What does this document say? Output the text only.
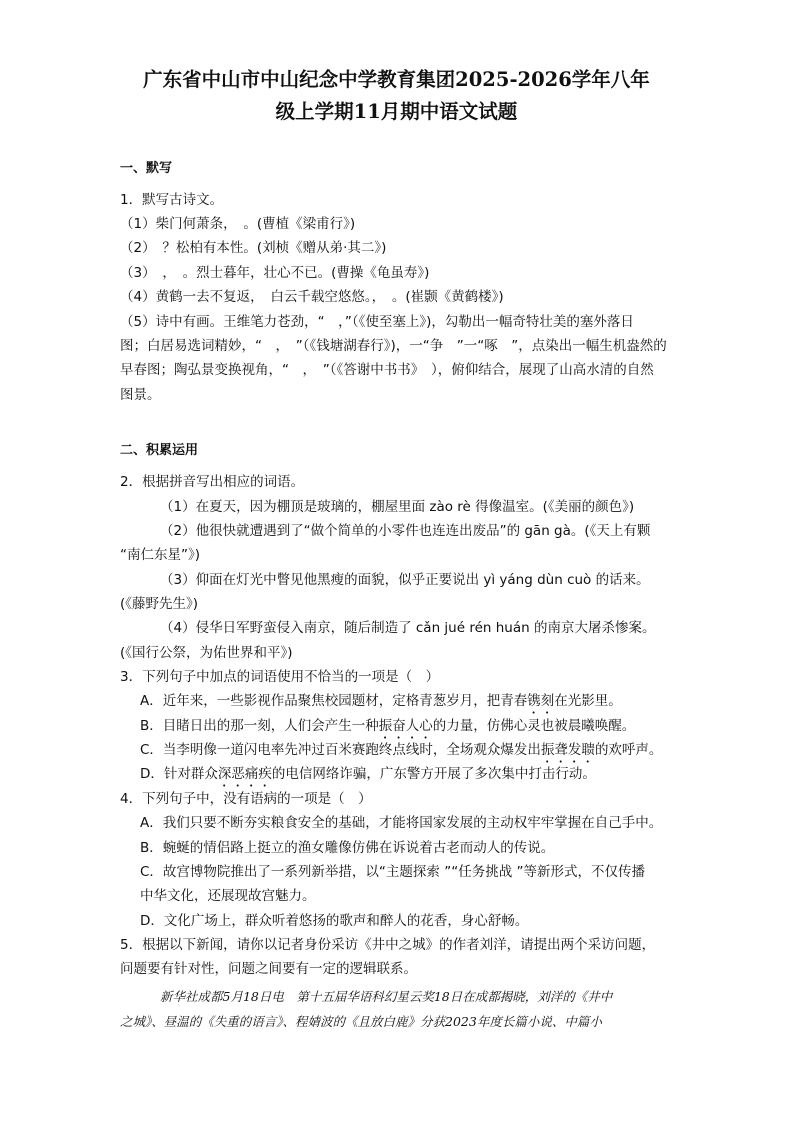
广东省中山市中山纪念中学教育集团2025-2026学年八年
级上学期11月期中语文试题
一、默写
1．默写古诗文。
（1）柴门何萧条，　。(曹植《梁甫行》)
（2）　？松柏有本性。(刘桢《赠从弟·其二》)
（3）　，　。烈士暮年，壮心不已。(曹操《龟虽寿》)
（4）黄鹤一去不复返，　白云千载空悠悠。，　。(崔颢《黄鹤楼》)
（5）诗中有画。王维笔力苍劲，“　，”（《使至塞上》)，勾勒出一幅奇特壮美的塞外落日
图；白居易选词精妙，“　，　”（《钱塘湖春行》)，一“争　”一“啄　”，点染出一幅生机盎然的
早春图；陶弘景变换视角，“　，　”（《答谢中书书》　），俯仰结合，展现了山高水清的自然
图景。
二、积累运用
2．根据拼音写出相应的词语。
（1）在夏天，因为棚顶是玻璃的，棚屋里面 zào rè 得像温室。(《美丽的颜色》)
（2）他很快就遭遇到了“做个简单的小零件也连连出废品”的 gān gà。(《天上有颗
“南仁东星”》)
（3）仰面在灯光中瞥见他黑瘦的面貌，似乎正要说出 yì yáng dùn cuò 的话来。
(《藤野先生》)
（4）侵华日军野蛮侵入南京，随后制造了 cǎn jué rén huán 的南京大屠杀惨案。
(《国行公祭，为佑世界和平》)
3．下列句子中加点的词语使用不恰当的一项是（　）
A．近年来，一些影视作品聚焦校园题材，定格青葱岁月，把青春镌刻在光影里。
B．目睹日出的那一刻，人们会产生一种振奋人心的力量，仿佛心灵也被晨曦唤醒。
C．当李明像一道闪电率先冲过百米赛跑终点线时，全场观众爆发出振聋发聩的欢呼声。
D．针对群众深恶痛疾的电信网络诈骗，广东警方开展了多次集中打击行动。
4．下列句子中，没有语病的一项是（　）
A．我们只要不断夯实粮食安全的基础，才能将国家发展的主动权牢牢掌握在自己手中。
B．蜿蜒的情侣路上挺立的渔女雕像仿佛在诉说着古老而动人的传说。
C．故宫博物院推出了一系列新举措，以“主题探索 ”“任务挑战 ”等新形式，不仅传播
中华文化，还展现故宫魅力。
D．文化广场上，群众听着悠扬的歌声和醉人的花香，身心舒畅。
5．根据以下新闻，请你以记者身份采访《井中之城》的作者刘洋，请提出两个采访问题，
问题要有针对性，问题之间要有一定的逻辑联系。
新华社成都5月18日电　第十五届华语科幻星云奖18日在成都揭晓，刘洋的《井中
之城》、昼温的《失重的语言》、程婧波的《且放白鹿》分获2023年度长篇小说、中篇小
